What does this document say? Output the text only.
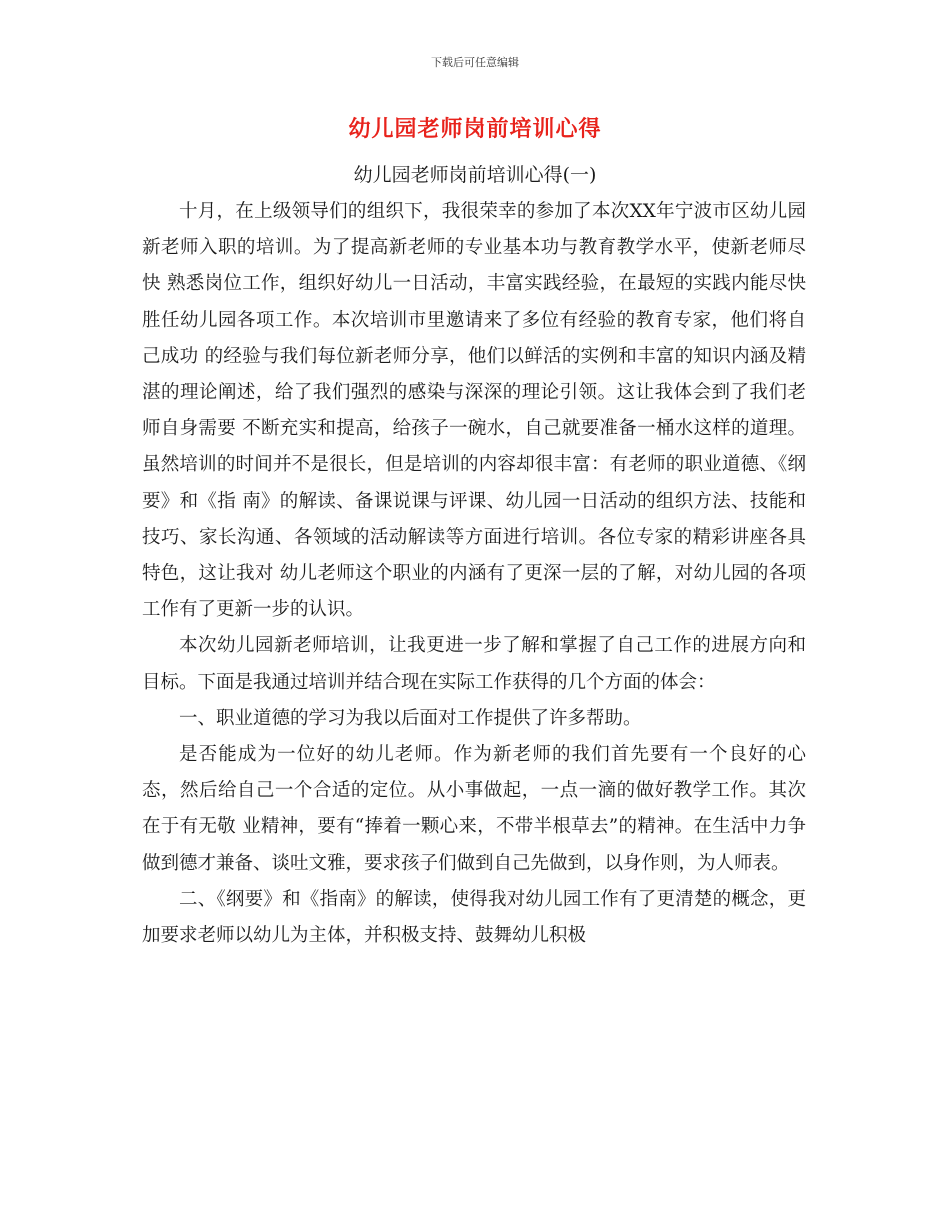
下载后可任意编辑
幼儿园老师岗前培训心得
幼儿园老师岗前培训心得(一)

十月，在上级领导们的组织下，我很荣幸的参加了本次XX年宁波市区幼儿园新老师入职的培训。为了提高新老师的专业基本功与教育教学水平，使新老师尽快 熟悉岗位工作，组织好幼儿一日活动，丰富实践经验，在最短的实践内能尽快胜任幼儿园各项工作。本次培训市里邀请来了多位有经验的教育专家，他们将自己成功 的经验与我们每位新老师分享，他们以鲜活的实例和丰富的知识内涵及精湛的理论阐述，给了我们强烈的感染与深深的理论引领。这让我体会到了我们老师自身需要 不断充实和提高，给孩子一碗水，自己就要准备一桶水这样的道理。虽然培训的时间并不是很长，但是培训的内容却很丰富：有老师的职业道德、《纲要》和《指 南》的解读、备课说课与评课、幼儿园一日活动的组织方法、技能和技巧、家长沟通、各领域的活动解读等方面进行培训。各位专家的精彩讲座各具特色，这让我对 幼儿老师这个职业的内涵有了更深一层的了解，对幼儿园的各项工作有了更新一步的认识。

本次幼儿园新老师培训，让我更进一步了解和掌握了自己工作的进展方向和目标。下面是我通过培训并结合现在实际工作获得的几个方面的体会：

一、职业道德的学习为我以后面对工作提供了许多帮助。

是否能成为一位好的幼儿老师。作为新老师的我们首先要有一个良好的心态，然后给自己一个合适的定位。从小事做起，一点一滴的做好教学工作。其次在于有无敬 业精神，要有“捧着一颗心来，不带半根草去”的精神。在生活中力争做到德才兼备、谈吐文雅，要求孩子们做到自己先做到，以身作则，为人师表。

二、《纲要》和《指南》的解读，使得我对幼儿园工作有了更清楚的概念，更加要求老师以幼儿为主体，并积极支持、鼓舞幼儿积极
